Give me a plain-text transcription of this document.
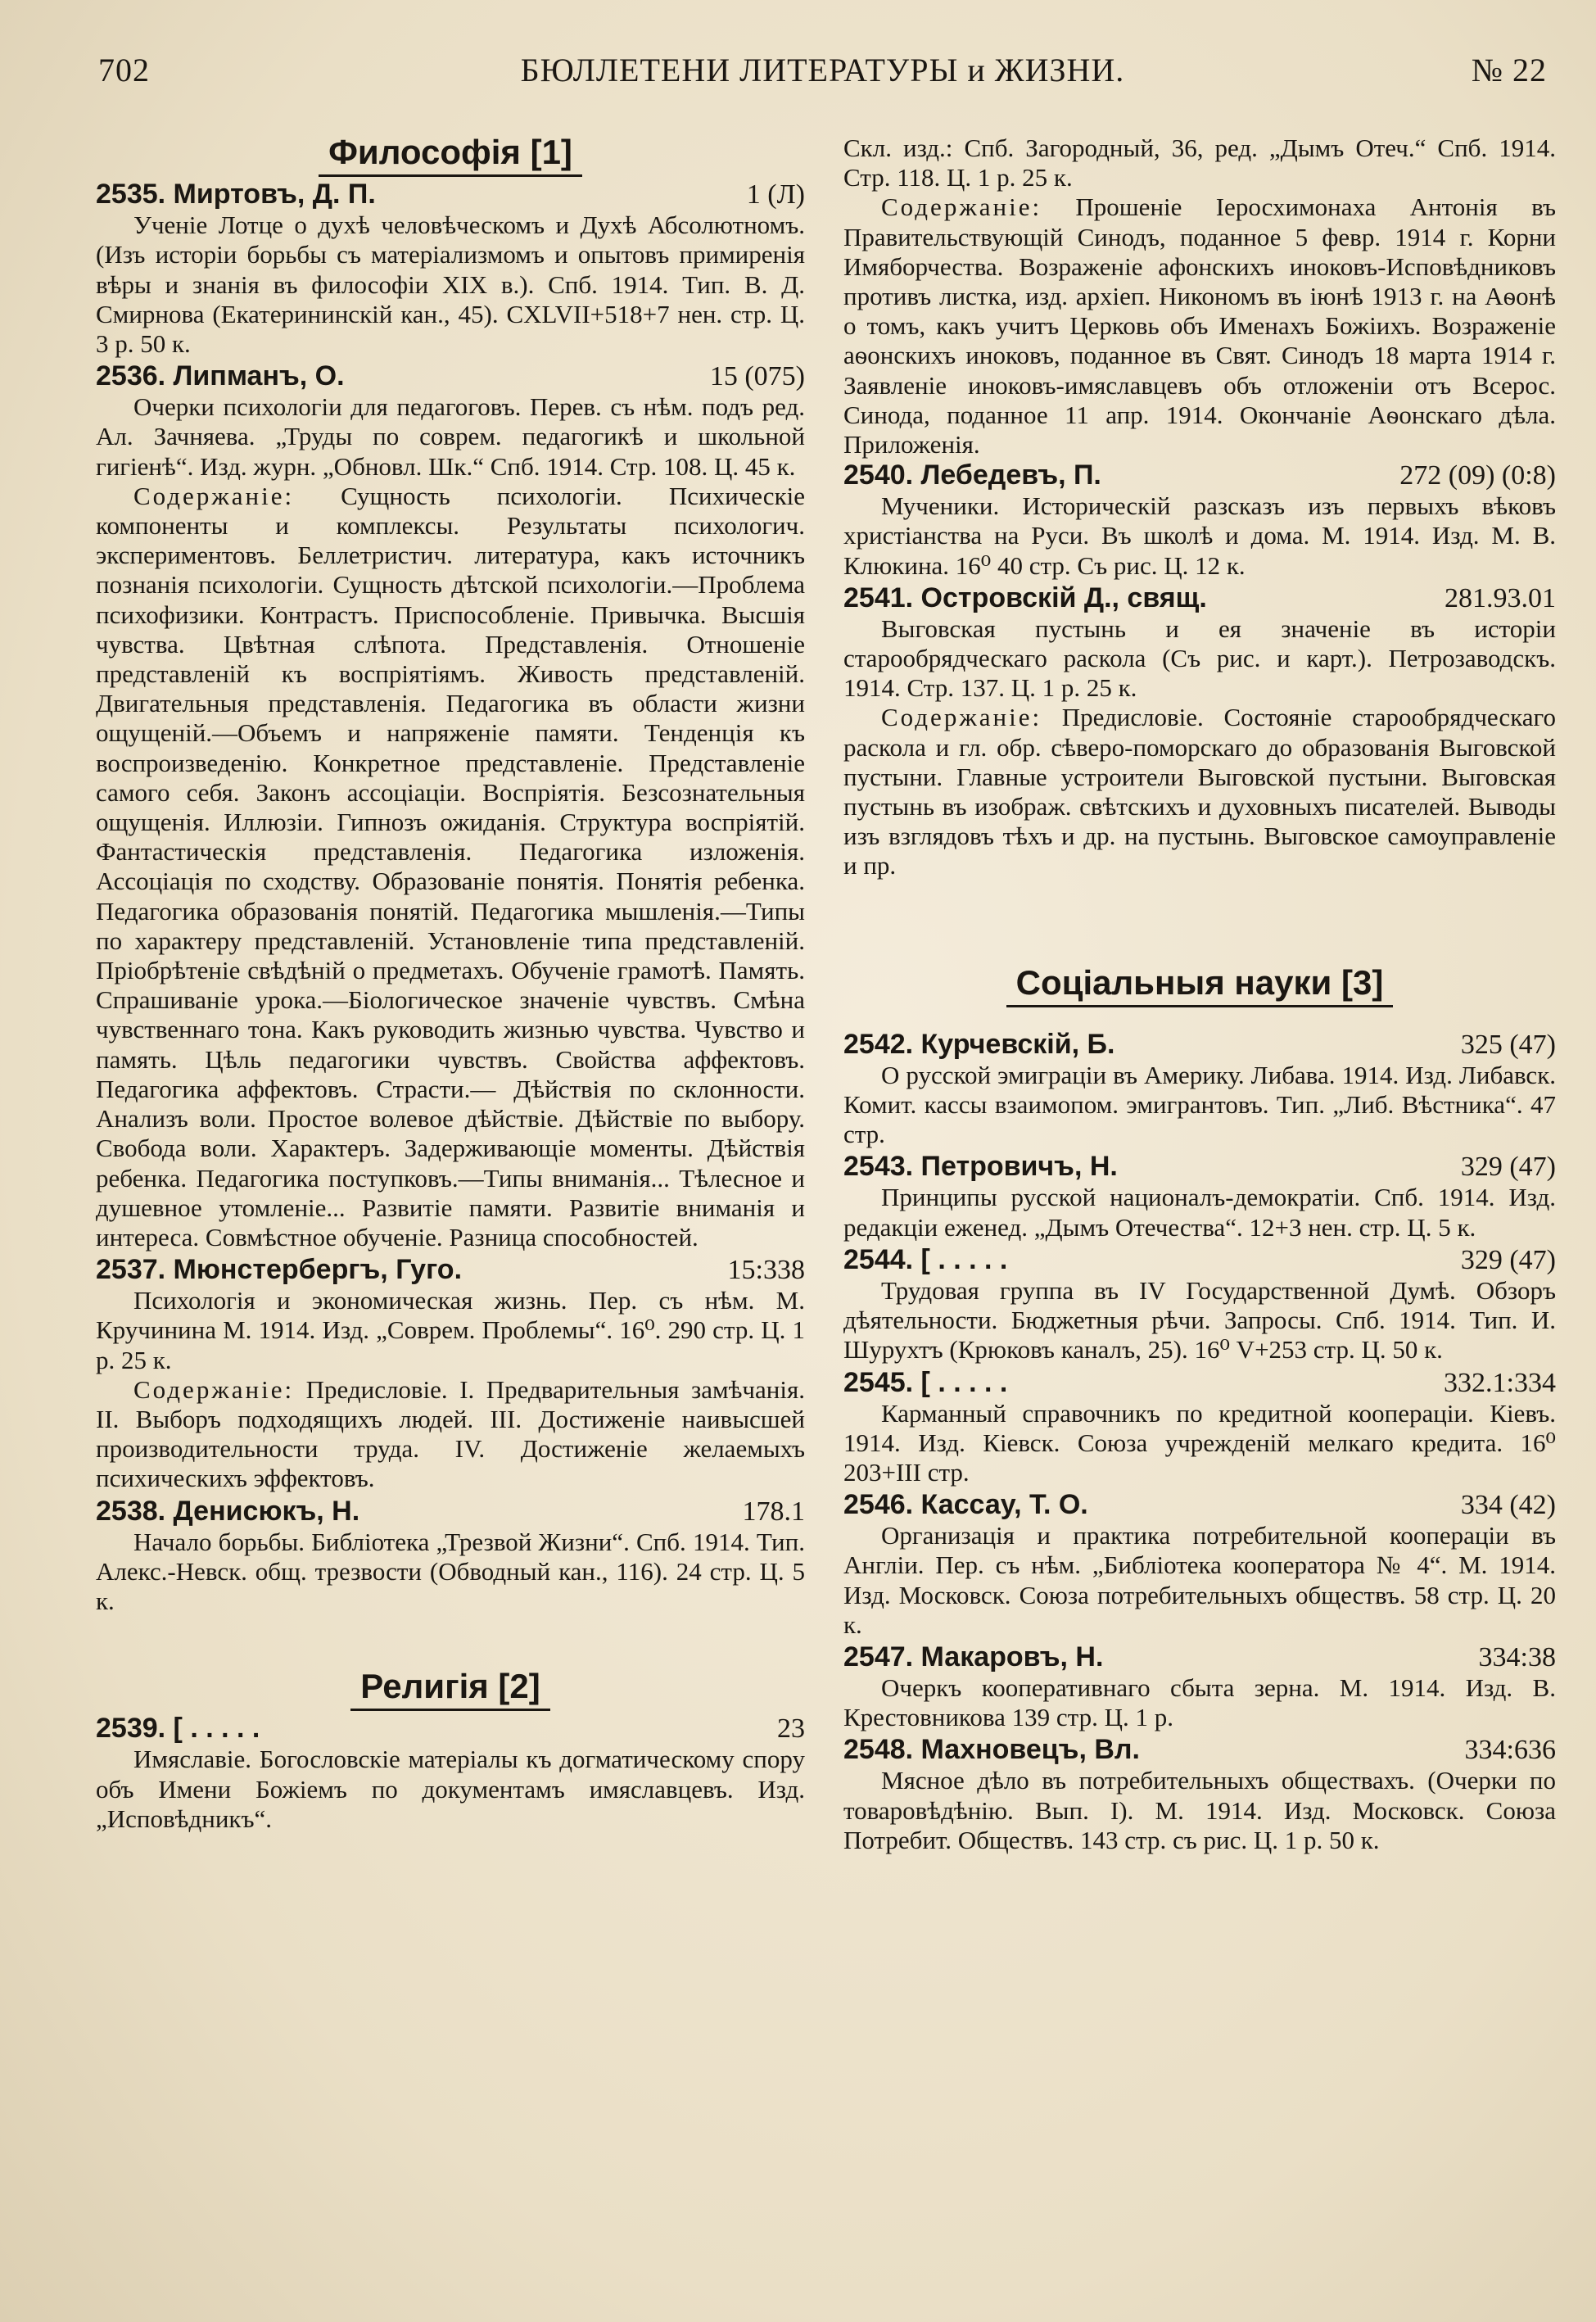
БЮЛЛЕТЕНИ ЛИТЕРАТУРЫ и ЖИЗНИ.
702	№ 22
Философія [1]
2535. Миртовъ, Д. П.	1 (Л)
Ученіе Лотце о духѣ человѣческомъ и Духѣ Абсолютномъ. (Изъ исторіи борьбы съ матеріализмомъ и опытовъ примиренія вѣры и знанія въ философіи XIX в.). Спб. 1914. Тип. В. Д. Смирнова (Екатерининскій кан., 45). CXLVII+518+7 нен. стр. Ц. 3 р. 50 к.
2536. Липманъ, О.	15 (075)
Очерки психологіи для педагоговъ. Перев. съ нѣм. подъ ред. Ал. Зачняева. „Труды по соврем. педагогикѣ и школьной гигіенѣ“. Изд. журн. „Обновл. Шк.“ Спб. 1914. Стр. 108. Ц. 45 к.
Содержаніе: Сущность психологіи. Психическіе компоненты и комплексы. Результаты психологич. экспериментовъ. Беллетристич. литература, какъ источникъ познанія психологіи. Сущность дѣтской психологіи.—Проблема психофизики. Контрастъ. Приспособленіе. Привычка. Высшія чувства. Цвѣтная слѣпота. Представленія. Отношеніе представленій къ воспріятіямъ. Живость представленій. Двигательныя представленія. Педагогика въ области жизни ощущеній.—Объемъ и напряженіе памяти. Тенденція къ воспроизведенію. Конкретное представленіе. Представленіе самого себя. Законъ ассоціаціи. Воспріятія. Безсознательныя ощущенія. Иллюзіи. Гипнозъ ожиданія. Структура воспріятій. Фантастическія представленія. Педагогика изложенія. Ассоціація по сходству. Образованіе понятія. Понятія ребенка. Педагогика образованія понятій. Педагогика мышленія.—Типы по характеру представленій. Установленіе типа представленій. Пріобрѣтеніе свѣдѣній о предметахъ. Обученіе грамотѣ. Память. Спрашиваніе урока.—Біологическое значеніе чувствъ. Смѣна чувственнаго тона. Какъ руководить жизнью чувства. Чувство и память. Цѣль педагогики чувствъ. Свойства аффектовъ. Педагогика аффектовъ. Страсти.— Дѣйствія по склонности. Анализъ воли. Простое волевое дѣйствіе. Дѣйствіе по выбору. Свобода воли. Характеръ. Задерживающіе моменты. Дѣйствія ребенка. Педагогика поступковъ.—Типы вниманія... Тѣлесное и душевное утомленіе... Развитіе памяти. Развитіе вниманія и интереса. Совмѣстное обученіе. Разница способностей.
2537. Мюнстербергъ, Гуго.	15:338
Психологія и экономическая жизнь. Пер. съ нѣм. М. Кручинина М. 1914. Изд. „Соврем. Проблемы“. 16⁰. 290 стр. Ц. 1 р. 25 к.
Содержаніе: Предисловіе. I. Предварительныя замѣчанія. II. Выборъ подходящихъ людей. III. Достиженіе наивысшей производительности труда. IV. Достиженіе желаемыхъ психическихъ эффектовъ.
2538. Денисюкъ, Н.	178.1
Начало борьбы. Библіотека „Трезвой Жизни“. Спб. 1914. Тип. Алекс.-Невск. общ. трезвости (Обводный кан., 116). 24 стр. Ц. 5 к.
Религія [2]
2539. [ . . . . .	23
Имяславіе. Богословскіе матеріалы къ догматическому спору объ Имени Божіемъ по документамъ имяславцевъ. Изд. „Исповѣдникъ“.
Скл. изд.: Спб. Загородный, 36, ред. „Дымъ Отеч.“ Спб. 1914. Стр. 118. Ц. 1 р. 25 к.
Содержаніе: Прошеніе Іеросхимонаха Антонія въ Правительствующій Синодъ, поданное 5 февр. 1914 г. Корни Имяборчества. Возраженіе афонскихъ иноковъ-Исповѣдниковъ противъ листка, изд. архіеп. Никономъ въ іюнѣ 1913 г. на Аѳонѣ о томъ, какъ учитъ Церковь объ Именахъ Божіихъ. Возраженіе аѳонскихъ иноковъ, поданное въ Свят. Синодъ 18 марта 1914 г. Заявленіе иноковъ-имяславцевъ объ отложеніи отъ Всерос. Синода, поданное 11 апр. 1914. Окончаніе Аѳонскаго дѣла. Приложенія.
2540. Лебедевъ, П.	272 (09) (0:8)
Мученики. Историческій разсказъ изъ первыхъ вѣковъ христіанства на Руси. Въ школѣ и дома. М. 1914. Изд. М. В. Клюкина. 16⁰ 40 стр. Съ рис. Ц. 12 к.
2541. Островскій Д., свящ.	281.93.01
Выговская пустынь и ея значеніе въ исторіи старообрядческаго раскола (Съ рис. и карт.). Петрозаводскъ. 1914. Стр. 137. Ц. 1 р. 25 к.
Содержаніе: Предисловіе. Состояніе старообрядческаго раскола и гл. обр. сѣверо-поморскаго до образованія Выговской пустыни. Главные устроители Выговской пустыни. Выговская пустынь въ изображ. свѣтскихъ и духовныхъ писателей. Выводы изъ взглядовъ тѣхъ и др. на пустынь. Выговское самоуправленіе и пр.
Соціальныя науки [3]
2542. Курчевскій, Б.	325 (47)
О русской эмиграціи въ Америку. Либава. 1914. Изд. Либавск. Комит. кассы взаимопом. эмигрантовъ. Тип. „Либ. Вѣстника“. 47 стр.
2543. Петровичъ, Н.	329 (47)
Принципы русской националъ-демократіи. Спб. 1914. Изд. редакціи еженед. „Дымъ Отечества“. 12+3 нен. стр. Ц. 5 к.
2544. [ . . . . .	329 (47)
Трудовая группа въ IV Государственной Думѣ. Обзоръ дѣятельности. Бюджетныя рѣчи. Запросы. Спб. 1914. Тип. И. Шурухтъ (Крюковъ каналъ, 25). 16⁰ V+253 стр. Ц. 50 к.
2545. [ . . . . .	332.1:334
Карманный справочникъ по кредитной кооперацiи. Кіевъ. 1914. Изд. Кіевск. Союза учрежденій мелкаго кредита. 16⁰ 203+III стр.
2546. Кассау, Т. О.	334 (42)
Организація и практика потребительной кооперацiи въ Англіи. Пер. съ нѣм. „Библіотека кооператора № 4“. М. 1914. Изд. Московск. Союза потребительныхъ обществъ. 58 стр. Ц. 20 к.
2547. Макаровъ, Н.	334:38
Очеркъ кооперативнаго сбыта зерна. М. 1914. Изд. В. Крестовникова 139 стр. Ц. 1 р.
2548. Махновецъ, Вл.	334:636
Мясное дѣло въ потребительныхъ обществахъ. (Очерки по товаровѣдѣнію. Вып. I). М. 1914. Изд. Московск. Союза Потребит. Обществъ. 143 стр. съ рис. Ц. 1 р. 50 к.
